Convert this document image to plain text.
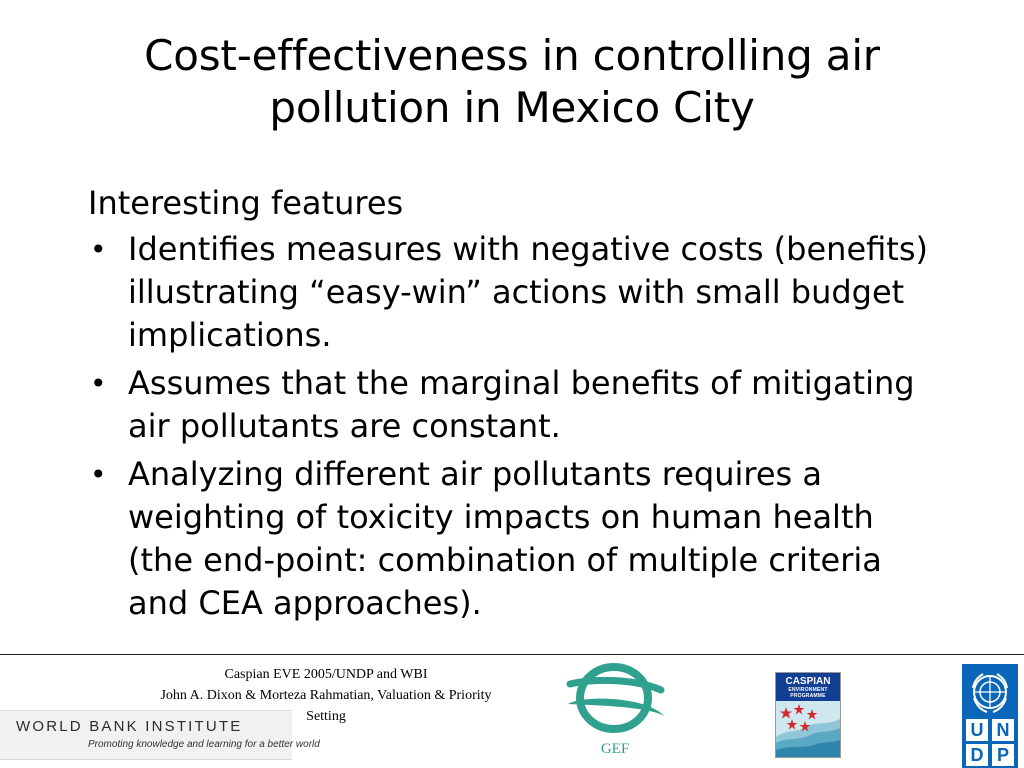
Cost-effectiveness in controlling air pollution in Mexico City
Interesting features
• Identifies measures with negative costs (benefits) illustrating “easy-win” actions with small budget implications.
• Assumes that the marginal benefits of mitigating air pollutants are constant.
• Analyzing different air pollutants requires a weighting of toxicity impacts on human health (the end-point: combination of multiple criteria and CEA approaches).
Caspian EVE 2005/UNDP and WBI
John A. Dixon & Morteza Rahmatian, Valuation & Priority
Setting
WORLD BANK INSTITUTE
Promoting knowledge and learning for a better world	GEF
CASPIAN
ENVIRONMENT
PROGRAMME
U N
D P
